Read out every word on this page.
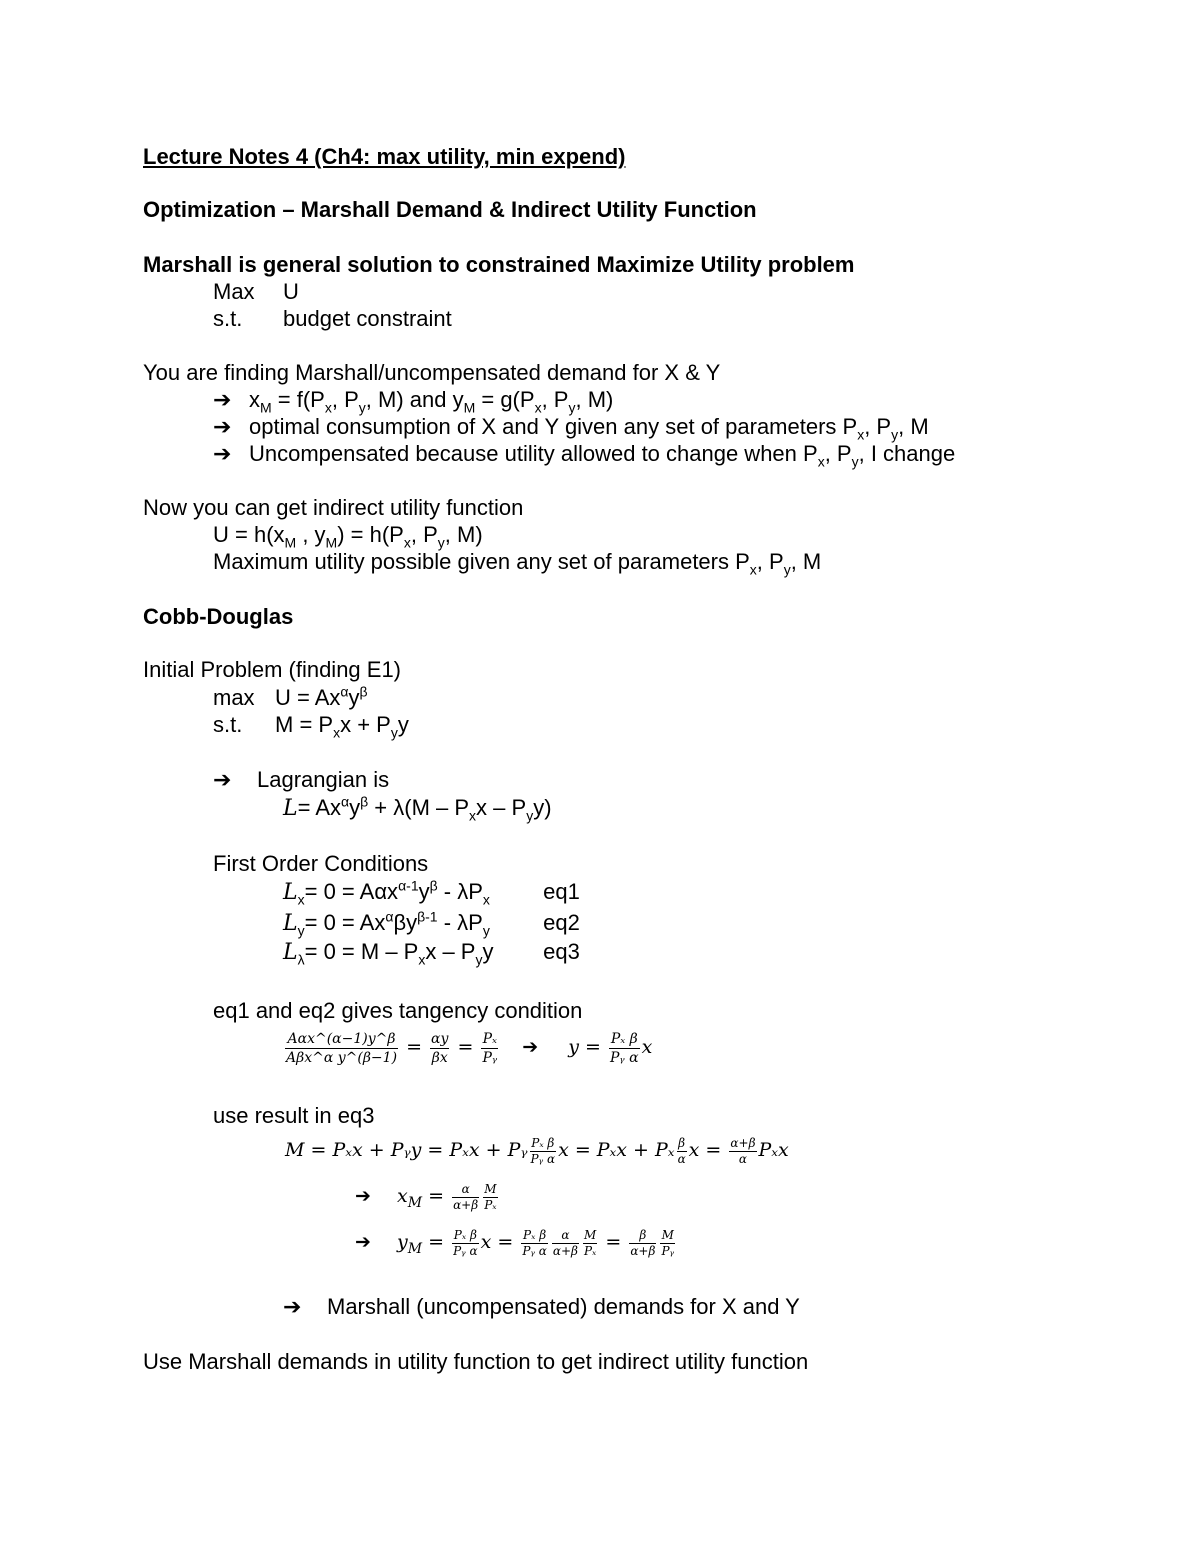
Lecture Notes 4 (Ch4: max utility, min expend)
Optimization – Marshall Demand & Indirect Utility Function
Marshall is general solution to constrained Maximize Utility problem
Max U
s.t. budget constraint
You are finding Marshall/uncompensated demand for X & Y
➔ $x_M = f(P_x$, $P_y$, M) and $y_M = g(P_x$, $P_y$, M)
➔ optimal consumption of X and Y given any set of parameters $P_x$, $P_y$, M
➔ Uncompensated because utility allowed to change when $P_x$, $P_y$, I change
Now you can get indirect utility function
$U = h(x_M$ , $y_M) = h(P_x$, $P_y$, M)
Maximum utility possible given any set of parameters $P_x$, $P_y$, M
Cobb-Douglas
Initial Problem (finding E1)
$\max U = Ax^\alpha y^\beta$
s.t. $M = P_xx + P_yy$
➔ Lagrangian is
$L= Ax^\alpha y^\beta + \lambda(M - P_xx - P_yy)$
First Order Conditions
$L_x= 0 = A\alpha x^{\alpha-1}y^\beta - \lambda P_x$ eq1
$L_y= 0 = Ax^\alpha\beta y^{\beta-1} - \lambda P_y$ eq2
$L_\lambda= 0 = M - P_xx - P_yy$ eq3
eq1 and eq2 gives tangency condition
Aαx^(α−1)y^β
Aβx^α y^(β−1) = $\frac{\alpha y}{\beta x} = \frac{\text{Pₓ}}{\text{Pᵧ}}$ ➔ $y = \frac{\text{Pₓ β}}{\text{Pᵧ α}}$ x
use result in eq3
M = Pₓx + Pᵧy = Pₓx + Pᵧ $\frac{\text{Pₓ β}}{\text{Pᵧ α}}$ x = Pₓx + Pₓ $\frac{\beta}{\alpha}$ $x = \frac{\alpha+\beta}{\alpha}$ Pₓx
➔ $x_M = \frac{\alpha}{\alpha+\beta} \frac{M}{\text{Pₓ}}$
➔ $y_M = \frac{\text{Pₓ β}}{\text{Pᵧ α}}$ $x = \frac{\text{Pₓ β}}{\text{Pᵧ α}} \frac{\alpha}{\alpha+\beta} \frac{M}{\text{Pₓ}} = \frac{\beta}{\alpha+\beta} \frac{M}{\text{Pᵧ}}$
➔ Marshall (uncompensated) demands for X and Y
Use Marshall demands in utility function to get indirect utility function
